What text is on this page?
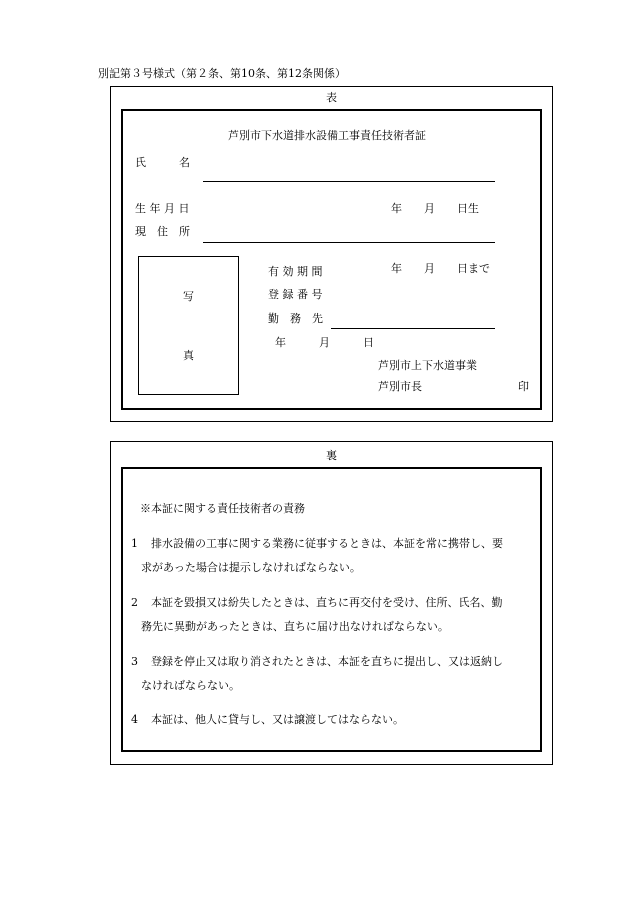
別記第３号様式（第２条、第10条、第12条関係）
表
芦別市下水道排水設備工事責任技術者証
氏　　　名
生 年 月 日	年　　月　　日生
現　住　所
写
真
有 効 期 間	年　　月　　日まで
登 録 番 号
勤　務　先
年　　　月　　　日
芦別市上下水道事業
芦別市長	印
裏
※本証に関する責任技術者の責務
1 排水設備の工事に関する業務に従事するときは、本証を常に携帯し、要
求があった場合は提示しなければならない。
2 本証を毀損又は紛失したときは、直ちに再交付を受け、住所、氏名、勤
務先に異動があったときは、直ちに届け出なければならない。
3 登録を停止又は取り消されたときは、本証を直ちに提出し、又は返納し
なければならない。
4 本証は、他人に貸与し、又は譲渡してはならない。
